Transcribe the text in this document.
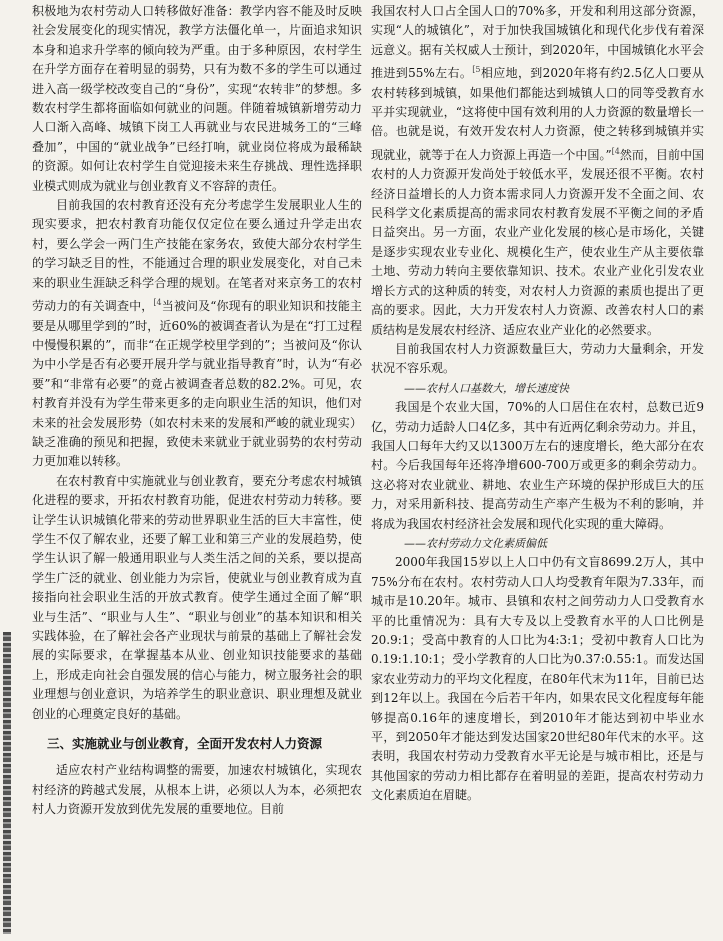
积极地为农村劳动人口转移做好准备：教学内容不能及时反映社会发展变化的现实情况，教学方法僵化单一，片面追求知识本身和追求升学率的倾向较为严重。由于多种原因，农村学生在升学方面存在着明显的弱势，只有为数不多的学生可以通过进入高一级学校改变自己的“身份”，实现“农转非”的梦想。多数农村学生都将面临如何就业的问题。伴随着城镇新增劳动力人口渐入高峰、城镇下岗工人再就业与农民进城务工的“三峰叠加”，中国的“就业战争”已经打响，就业岗位将成为最稀缺的资源。如何让农村学生自觉迎接未来生存挑战、理性选择职业模式则成为就业与创业教育义不容辞的责任。

目前我国的农村教育还没有充分考虑学生发展职业人生的现实要求，把农村教育功能仅仅定位在要么通过升学走出农村，要么学会一两门生产技能在家务农，致使大部分农村学生的学习缺乏目的性，不能通过合理的职业发展变化，对自己未来的职业生涯缺乏科学合理的规划。在笔者对来京务工的农村劳动力的有关调查中，$^{[4}$当被问及“你现有的职业知识和技能主要是从哪里学到的”时，近60%的被调查者认为是在“打工过程中慢慢积累的”，而非“在正规学校里学到的”；当被问及“你认为中小学是否有必要开展升学与就业指导教育”时，认为“有必要”和“非常有必要”的竟占被调查者总数的82.2%。可见，农村教育并没有为学生带来更多的走向职业生活的知识，他们对未来的社会发展形势（如农村未来的发展和严峻的就业现实）缺乏准确的预见和把握，致使未来就业于就业弱势的农村劳动力更加难以转移。

在农村教育中实施就业与创业教育，要充分考虑农村城镇化进程的要求，开拓农村教育功能，促进农村劳动力转移。要让学生认识城镇化带来的劳动世界职业生活的巨大丰富性，使学生不仅了解农业，还要了解工业和第三产业的发展趋势，使学生认识了解一般通用职业与人类生活之间的关系，要以提高学生广泛的就业、创业能力为宗旨，使就业与创业教育成为直接指向社会职业生活的开放式教育。使学生通过全面了解“职业与生活”、“职业与人生”、“职业与创业”的基本知识和相关实践体验，在了解社会各产业现状与前景的基础上了解社会发展的实际要求，在掌握基本从业、创业知识技能要求的基础上，形成走向社会自强发展的信心与能力，树立服务社会的职业理想与创业意识，为培养学生的职业意识、职业理想及就业创业的心理奠定良好的基础。

三、实施就业与创业教育，全面开发农村人力资源

适应农村产业结构调整的需要，加速农村城镇化，实现农村经济的跨越式发展，从根本上讲，必须以人为本，必须把农村人力资源开发放到优先发展的重要地位。目前

我国农村人口占全国人口的70%多，开发和利用这部分资源，实现“人的城镇化”，对于加快我国城镇化和现代化步伐有着深远意义。据有关权威人士预计，到2020年，中国城镇化水平会推进到55%左右。$^{[5}$相应地，到2020年将有约2.5亿人口要从农村转移到城镇，如果他们都能达到城镇人口的同等受教育水平并实现就业，“这将使中国有效利用的人力资源的数量增长一倍。也就是说，有效开发农村人力资源，使之转移到城镇并实现就业，就等于在人力资源上再造一个中国。”$^{[4}$然而，目前中国农村的人力资源开发尚处于较低水平，发展还很不平衡。农村经济日益增长的人力资本需求同人力资源开发不全面之间、农民科学文化素质提高的需求同农村教育发展不平衡之间的矛盾日益突出。另一方面，农业产业化发展的核心是市场化，关键是逐步实现农业专业化、规模化生产，使农业生产从主要依靠土地、劳动力转向主要依靠知识、技术。农业产业化引发农业增长方式的这种质的转变，对农村人力资源的素质也提出了更高的要求。因此，大力开发农村人力资源、改善农村人口的素质结构是发展农村经济、适应农业产业化的必然要求。

目前我国农村人力资源数量巨大，劳动力大量剩余，开发状况不容乐观。

——农村人口基数大，增长速度快

我国是个农业大国，70%的人口居住在农村，总数已近9亿，劳动力适龄人口4亿多，其中有近两亿剩余劳动力。并且，我国人口每年大约又以1300万左右的速度增长，绝大部分在农村。今后我国每年还将净增600-700万或更多的剩余劳动力。这必将对农业就业、耕地、农业生产环境的保护形成巨大的压力，对采用新科技、提高劳动生产率产生极为不利的影响，并将成为我国农村经济社会发展和现代化实现的重大障碍。

——农村劳动力文化素质偏低

2000年我国15岁以上人口中仍有文盲8699.2万人，其中75%分布在农村。农村劳动人口人均受教育年限为7.33年，而城市是10.20年。城市、县镇和农村之间劳动力人口受教育水平的比重情况为：具有大专及以上受教育水平的人口比例是20.9:1；受高中教育的人口比为4:3:1；受初中教育人口比为0.19:1.10:1；受小学教育的人口比为0.37:0.55:1。而发达国家农业劳动力的平均文化程度，在80年代末为11年，目前已达到12年以上。我国在今后若干年内，如果农民文化程度每年能够提高0.16年的速度增长，到2010年才能达到初中毕业水平，到2050年才能达到发达国家20世纪80年代末的水平。这表明，我国农村劳动力受教育水平无论是与城市相比，还是与其他国家的劳动力相比都存在着明显的差距，提高农村劳动力文化素质迫在眉睫。
